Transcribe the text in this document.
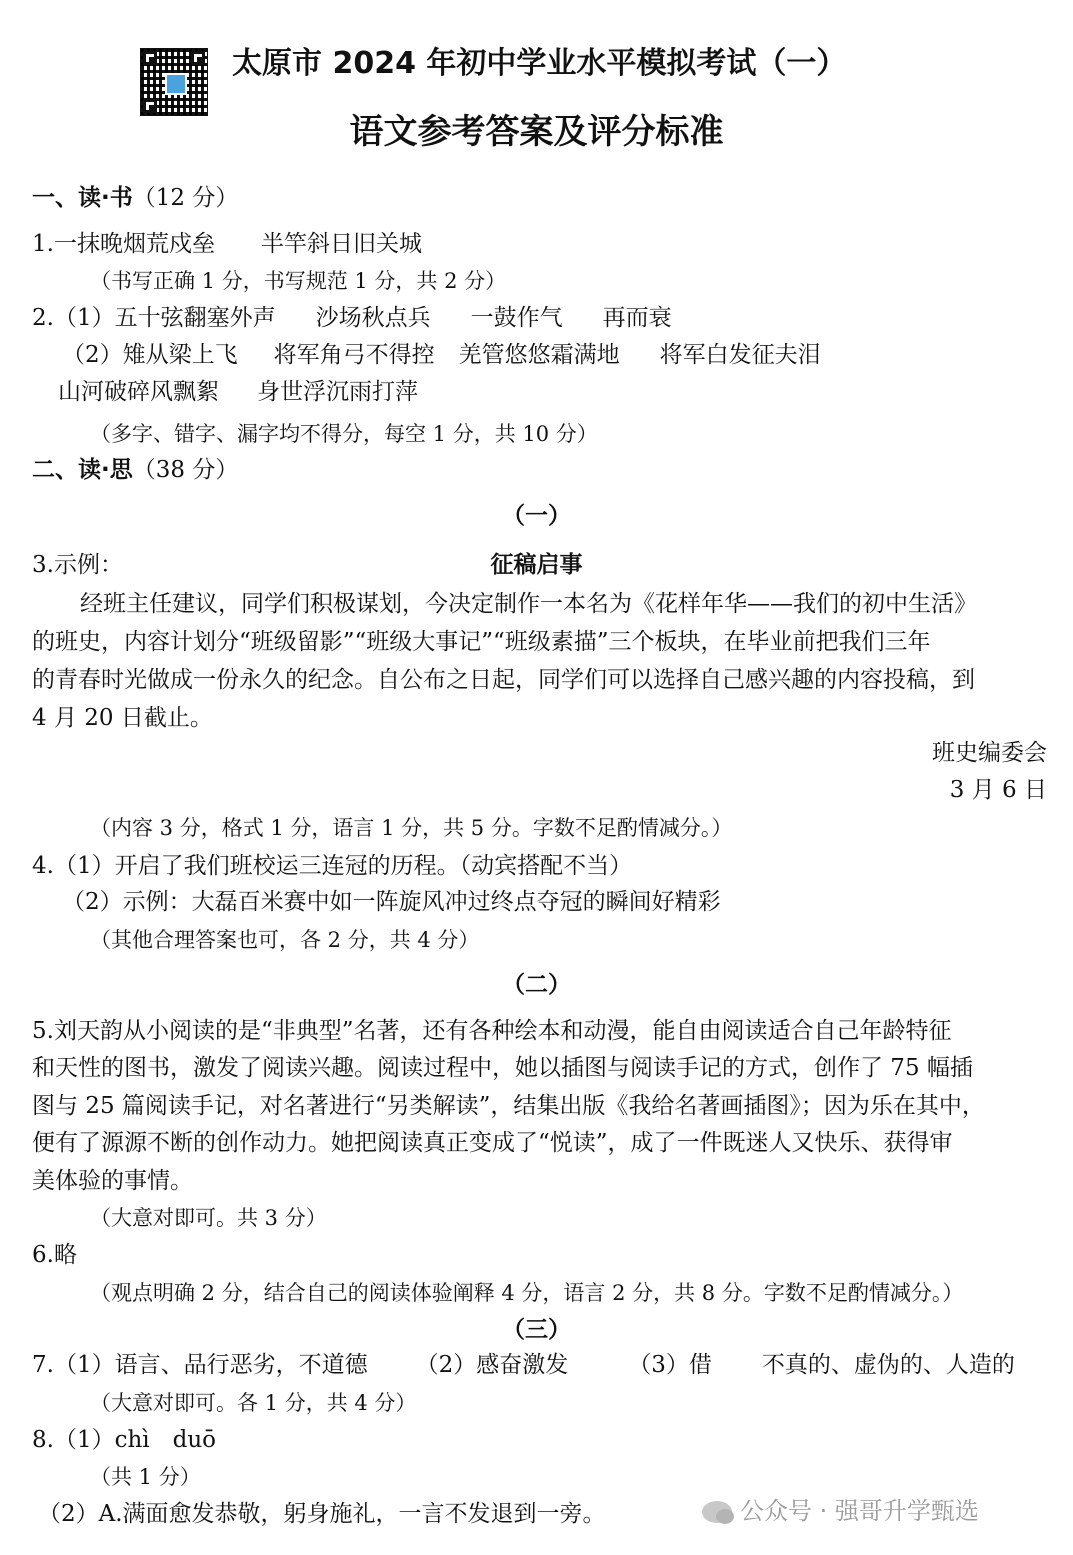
太原市 2024 年初中学业水平模拟考试（一）
语文参考答案及评分标准
一、读·书（12 分）
1.一抹晚烟荒戍垒 半竿斜日旧关城
（书写正确 1 分，书写规范 1 分，共 2 分）
2.（1）五十弦翻塞外声 沙场秋点兵 一鼓作气 再而衰
（2）雉从梁上飞 将军角弓不得控 羌管悠悠霜满地 将军白发征夫泪
山河破碎风飘絮 身世浮沉雨打萍
（多字、错字、漏字均不得分，每空 1 分，共 10 分）
二、读·思（38 分）
（一）
3.示例：	征稿启事
经班主任建议，同学们积极谋划，今决定制作一本名为《花样年华——我们的初中生活》
的班史，内容计划分“班级留影”“班级大事记”“班级素描”三个板块，在毕业前把我们三年
的青春时光做成一份永久的纪念。自公布之日起，同学们可以选择自己感兴趣的内容投稿，到
4 月 20 日截止。
班史编委会
3 月 6 日
（内容 3 分，格式 1 分，语言 1 分，共 5 分。字数不足酌情减分。）
4.（1）开启了我们班校运三连冠的历程。（动宾搭配不当）
（2）示例：大磊百米赛中如一阵旋风冲过终点夺冠的瞬间好精彩
（其他合理答案也可，各 2 分，共 4 分）
（二）
5.刘天韵从小阅读的是“非典型”名著，还有各种绘本和动漫，能自由阅读适合自己年龄特征
和天性的图书，激发了阅读兴趣。阅读过程中，她以插图与阅读手记的方式，创作了 75 幅插
图与 25 篇阅读手记，对名著进行“另类解读”，结集出版《我给名著画插图》；因为乐在其中，
便有了源源不断的创作动力。她把阅读真正变成了“悦读”，成了一件既迷人又快乐、获得审
美体验的事情。
（大意对即可。共 3 分）
6.略
（观点明确 2 分，结合自己的阅读体验阐释 4 分，语言 2 分，共 8 分。字数不足酌情减分。）
（三）
7.（1）语言、品行恶劣，不道德 （2）感奋激发	（3）借 不真的、虚伪的、人造的
（大意对即可。各 1 分，共 4 分）
8.（1）chì　duō
（共 1 分）
（2）A.满面愈发恭敬，躬身施礼，一言不发退到一旁。	公众号 · 强哥升学甄选
